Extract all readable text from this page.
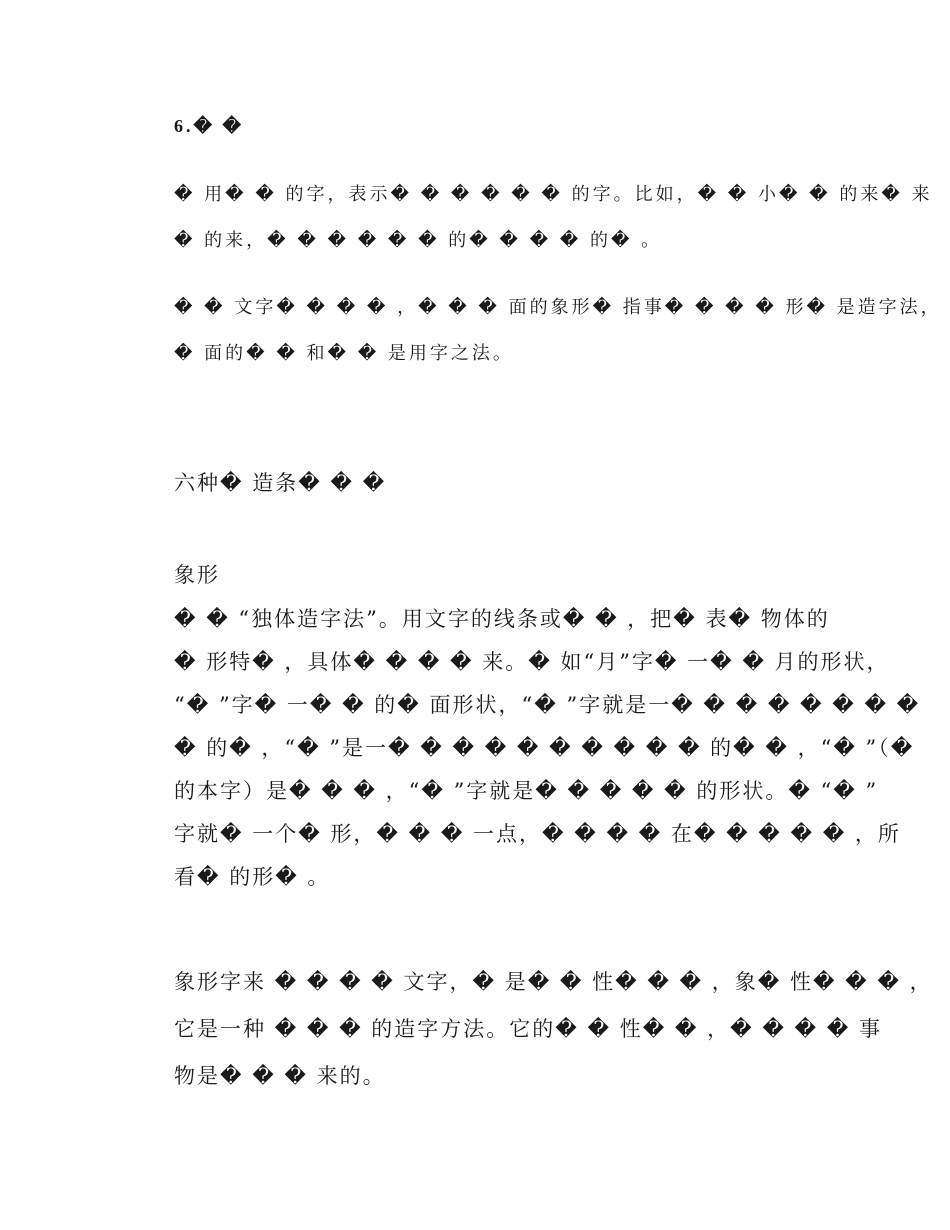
6.� �
� 用� � 的字，表示� � � � � � 的字。比如，� � 小� � 的来� 来
� 的来，� � � � � � 的� � � � 的� 。
� � 文字� � � � ，� � � 面的象形� 指事� � � � 形� 是造字法，
� 面的� � 和� � 是用字之法。
六种� 造条� � �
象形
� � “独体造字法”。用文字的线条或� � ，把� 表� 物体的
� 形特� ，具体� � � � 来。� 如“月”字� 一� � 月的形状，
“� ”字� 一� � 的� 面形状，“� ”字就是一� � � � � � � �
� 的� ，“� ”是一� � � � � � � � � � 的� � ，“� ”（�
的本字）是� � � ，“� ”字就是� � � � � 的形状。� “� ”
字就� 一个� 形，� � � 一点，� � � � 在� � � � � ，所
看� 的形� 。
象形字来 � � � � 文字，� 是� � 性� � � ，象� 性� � � ，
它是一种 � � � 的造字方法。它的� � 性� � ，� � � � 事
物是� � � 来的。
